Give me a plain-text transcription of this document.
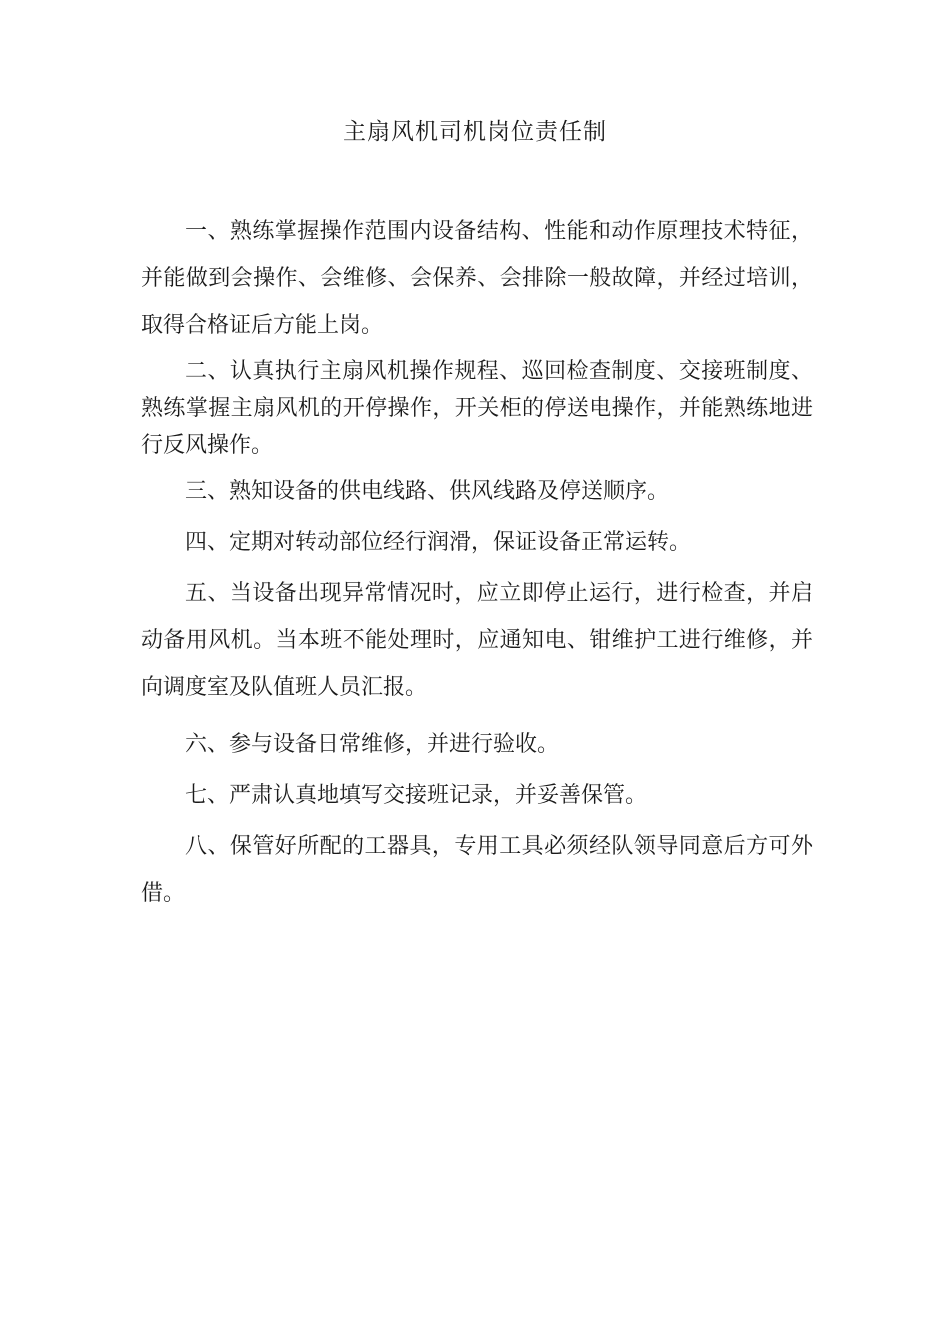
主扇风机司机岗位责任制

一、熟练掌握操作范围内设备结构、性能和动作原理技术特征，并能做到会操作、会维修、会保养、会排除一般故障，并经过培训，取得合格证后方能上岗。

二、认真执行主扇风机操作规程、巡回检查制度、交接班制度、熟练掌握主扇风机的开停操作，开关柜的停送电操作，并能熟练地进行反风操作。

三、熟知设备的供电线路、供风线路及停送顺序。

四、定期对转动部位经行润滑，保证设备正常运转。

五、当设备出现异常情况时，应立即停止运行，进行检查，并启动备用风机。当本班不能处理时，应通知电、钳维护工进行维修，并向调度室及队值班人员汇报。

六、参与设备日常维修，并进行验收。

七、严肃认真地填写交接班记录，并妥善保管。

八、保管好所配的工器具，专用工具必须经队领导同意后方可外借。
